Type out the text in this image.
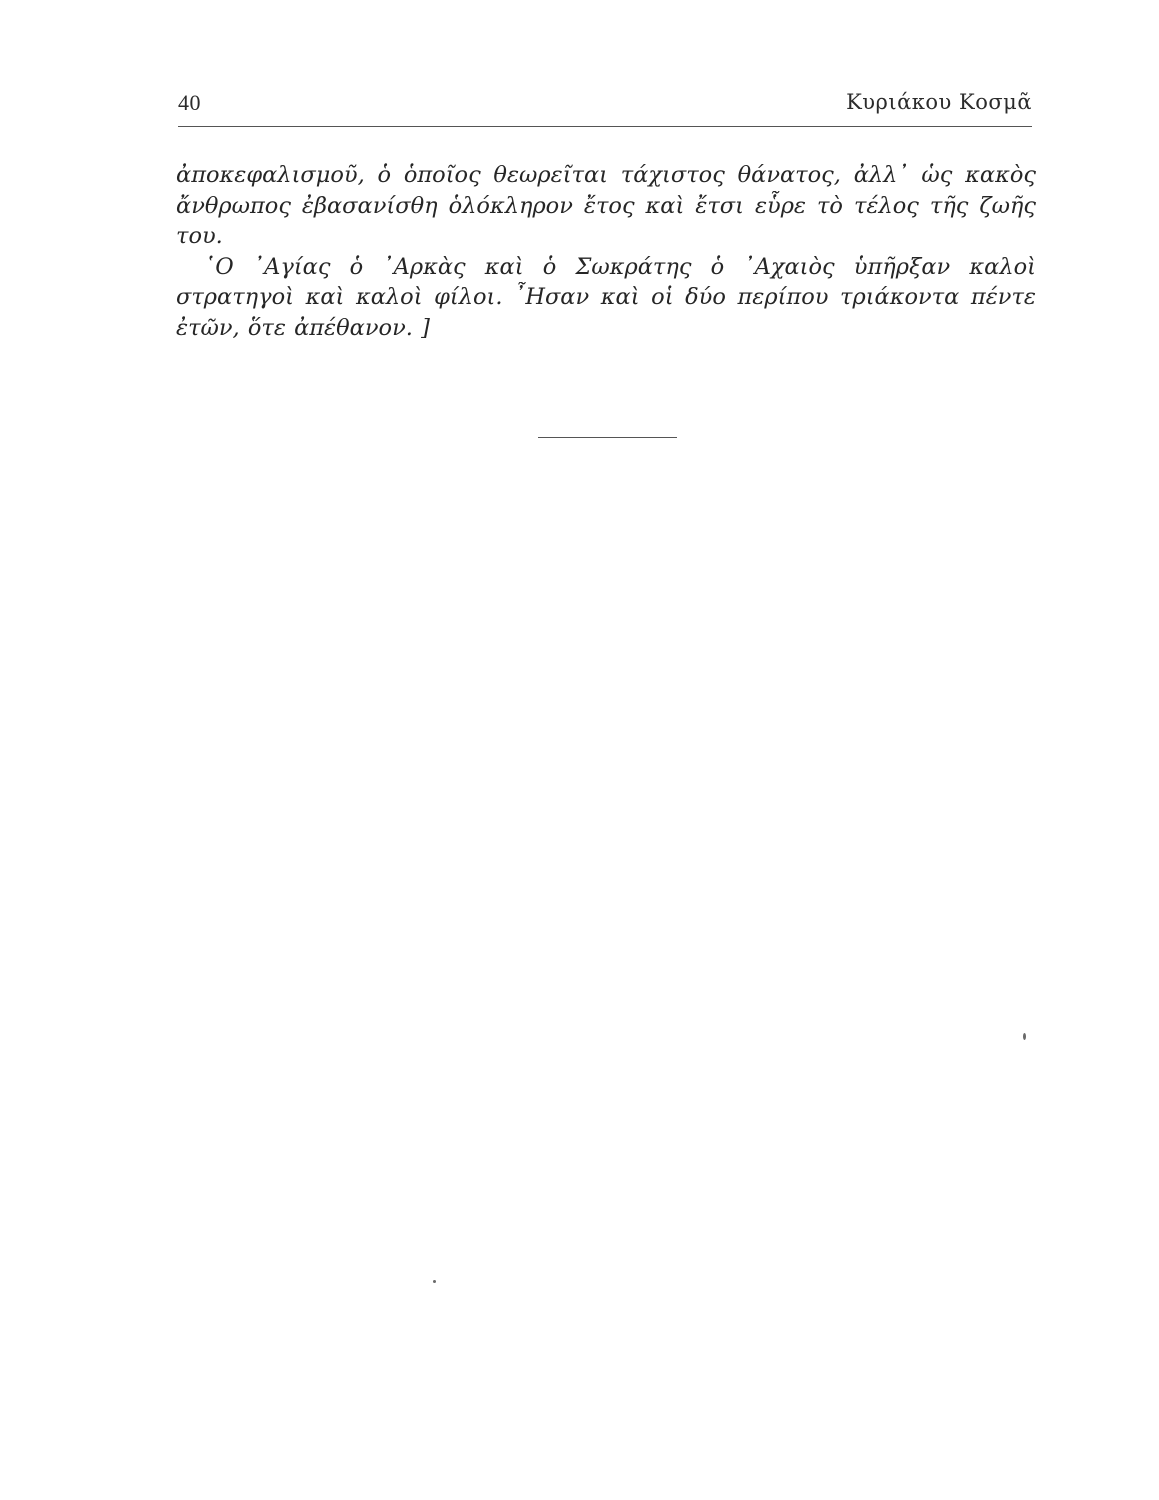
40	Κυριάκου Κοσμᾶ
ἀποκεφαλισμοῦ, ὁ ὁποῖος θεωρεῖται τάχιστος θάνατος, ἀλλ᾽ ὡς κακὸς
ἄνθρωπος ἐβασανίσθη ὁλόκληρον ἔτος καὶ ἔτσι εὗρε τὸ τέλος τῆς ζωῆς
του.
῾Ο ᾿Αγίας ὁ ᾿Αρκὰς καὶ ὁ Σωκράτης ὁ ᾿Αχαιὸς ὑπῆρξαν καλοὶ
στρατηγοὶ καὶ καλοὶ φίλοι. ῏Ησαν καὶ οἱ δύο περίπου τριάκοντα πέντε
ἐτῶν, ὅτε ἀπέθανον. ]
